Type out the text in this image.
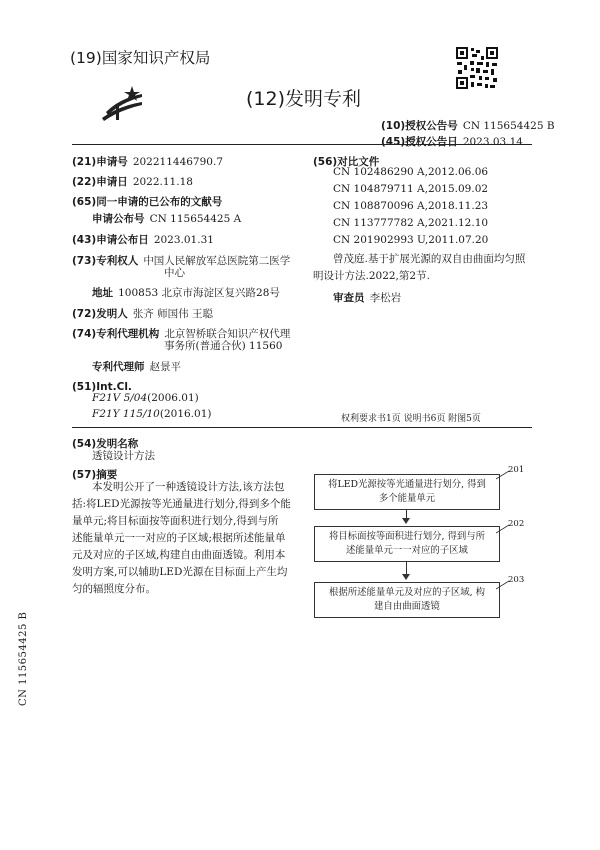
(19)国家知识产权局
(12)发明专利
(10)授权公告号 CN 115654425 B
(45)授权公告日 2023.03.14
(21)申请号 202211446790.7
(22)申请日 2022.11.18
(65)同一申请的已公布的文献号
申请公布号 CN 115654425 A
(43)申请公布日 2023.01.31
(73)专利权人 中国人民解放军总医院第二医学
中心
地址 100853 北京市海淀区复兴路28号
(72)发明人 张齐 师国伟 王聪
(74)专利代理机构 北京智桥联合知识产权代理
事务所(普通合伙) 11560
专利代理师 赵景平
(51)Int.Cl.
F21V 5/04(2006.01)
F21Y 115/10(2016.01)
(56)对比文件
CN 102486290 A,2012.06.06
CN 104879711 A,2015.09.02
CN 108870096 A,2018.11.23
CN 113777782 A,2021.12.10
CN 201902993 U,2011.07.20
曾茂庭.基于扩展光源的双自由曲面均匀照
明设计方法.2022,第2节.
审查员 李松岩
权利要求书1页 说明书6页 附图5页
(54)发明名称
透镜设计方法
(57)摘要
本发明公开了一种透镜设计方法,该方法包
括:将LED光源按等光通量进行划分,得到多个能
量单元;将目标面按等面积进行划分,得到与所
述能量单元一一对应的子区域;根据所述能量单
元及对应的子区域,构建自由曲面透镜。利用本
发明方案,可以辅助LED光源在目标面上产生均
匀的辐照度分布。
201
将LED光源按等光通量进行划分, 得到
多个能量单元
202
将目标面按等面积进行划分, 得到与所
述能量单元一一对应的子区域
203
根据所述能量单元及对应的子区域, 构
建自由曲面透镜
CN 115654425 B
